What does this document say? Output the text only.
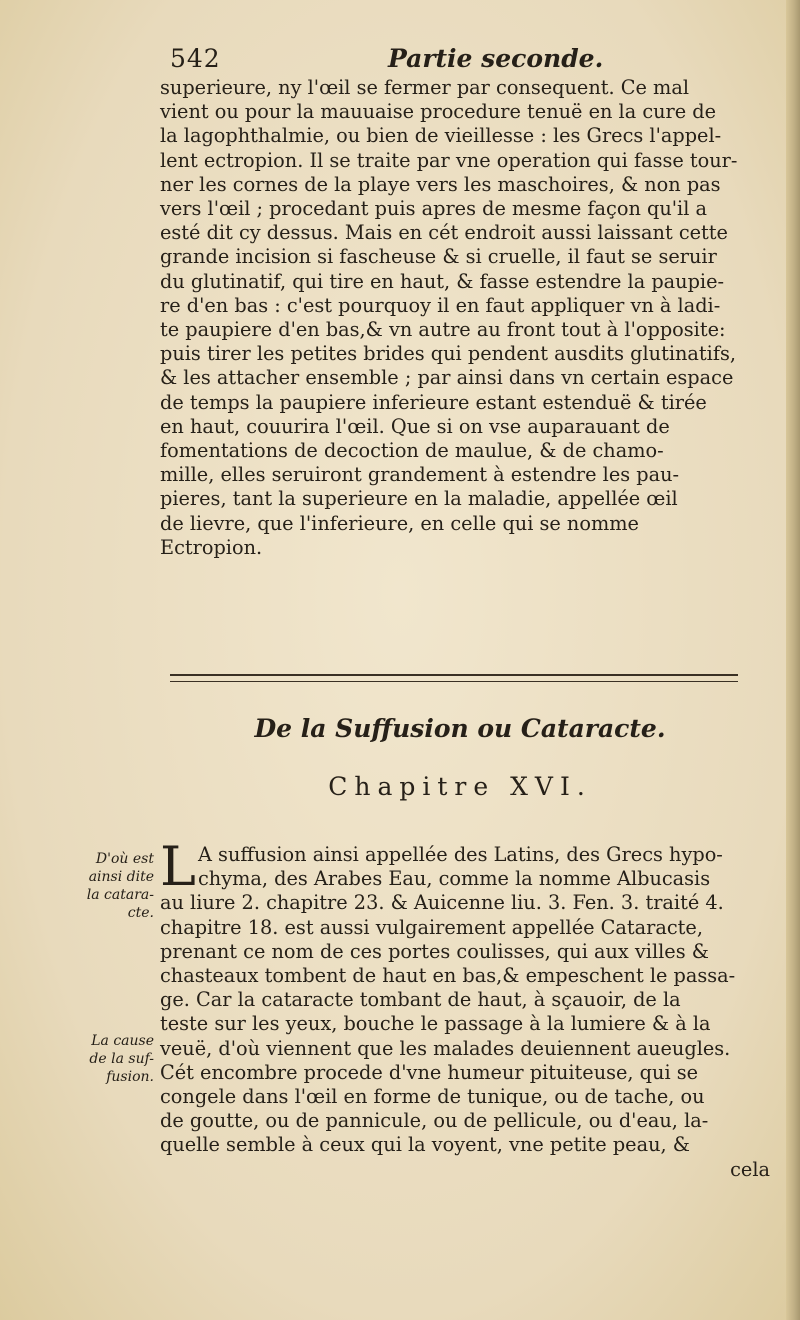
542	Partie seconde.
superieure, ny l'œil se fermer par consequent. Ce mal
vient ou pour la mauuaise procedure tenuë en la cure de
la lagophthalmie, ou bien de vieillesse : les Grecs l'appel-
lent ectropion. Il se traite par vne operation qui fasse tour-
ner les cornes de la playe vers les maschoires, & non pas
vers l'œil ; procedant puis apres de mesme façon qu'il a
esté dit cy dessus. Mais en cét endroit aussi laissant cette
grande incision si fascheuse & si cruelle, il faut se seruir
du glutinatif, qui tire en haut, & fasse estendre la paupie-
re d'en bas : c'est pourquoy il en faut appliquer vn à ladi-
te paupiere d'en bas,& vn autre au front tout à l'opposite:
puis tirer les petites brides qui pendent ausdits glutinatifs,
& les attacher ensemble ; par ainsi dans vn certain espace
de temps la paupiere inferieure estant estenduë & tirée
en haut, couurira l'œil. Que si on vse auparauant de
fomentations de decoction de maulue, & de chamo-
mille, elles seruiront grandement à estendre les pau-
pieres, tant la superieure en la maladie, appellée œil
de lievre, que l'inferieure, en celle qui se nomme
Ectropion.
De la Suffusion ou Cataracte.
Chapitre XVI.
L A suffusion ainsi appellée des Latins, des Grecs hypo-
chyma, des Arabes Eau, comme la nomme Albucasis
au liure 2. chapitre 23. & Auicenne liu. 3. Fen. 3. traité 4.
chapitre 18. est aussi vulgairement appellée Cataracte,
prenant ce nom de ces portes coulisses, qui aux villes &
chasteaux tombent de haut en bas,& empeschent le passa-
ge. Car la cataracte tombant de haut, à sçauoir, de la
teste sur les yeux, bouche le passage à la lumiere & à la
veuë, d'où viennent que les malades deuiennent aueugles.
Cét encombre procede d'vne humeur pituiteuse, qui se
congele dans l'œil en forme de tunique, ou de tache, ou
de goutte, ou de pannicule, ou de pellicule, ou d'eau, la-
quelle semble à ceux qui la voyent, vne petite peau, &
cela
D'où est
ainsi dite
la catara-
cte.
La cause
de la suf-
fusion.
